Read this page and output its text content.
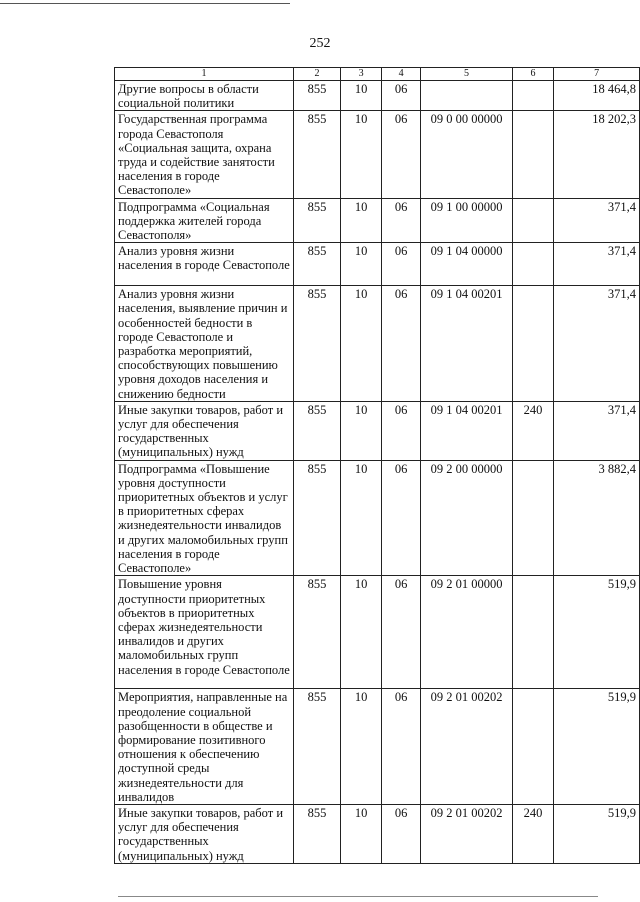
252
1	2	3	4	5	6	7
Другие вопросы в области социальной политики	855	10	06			18 464,8
Государственная программа города Севастополя «Социальная защита, охрана труда и содействие занятости населения в городе Севастополе»	855	10	06	09 0 00 00000		18 202,3
Подпрограмма «Социальная поддержка жителей города Севастополя»	855	10	06	09 1 00 00000		371,4
Анализ уровня жизни населения в городе Севастополе	855	10	06	09 1 04 00000		371,4
Анализ уровня жизни населения, выявление причин и особенностей бедности в городе Севастополе и разработка мероприятий, способствующих повышению уровня доходов населения и снижению бедности	855	10	06	09 1 04 00201		371,4
Иные закупки товаров, работ и услуг для обеспечения государственных (муниципальных) нужд	855	10	06	09 1 04 00201	240	371,4
Подпрограмма «Повышение уровня доступности приоритетных объектов и услуг в приоритетных сферах жизнедеятельности инвалидов и других маломобильных групп населения в городе Севастополе»	855	10	06	09 2 00 00000		3 882,4
Повышение уровня доступности приоритетных объектов в приоритетных сферах жизнедеятельности инвалидов и других маломобильных групп населения в городе Севастополе	855	10	06	09 2 01 00000		519,9
Мероприятия, направленные на преодоление социальной разобщенности в обществе и формирование позитивного отношения к обеспечению доступной среды жизнедеятельности для инвалидов	855	10	06	09 2 01 00202		519,9
Иные закупки товаров, работ и услуг для обеспечения государственных (муниципальных) нужд	855	10	06	09 2 01 00202	240	519,9
